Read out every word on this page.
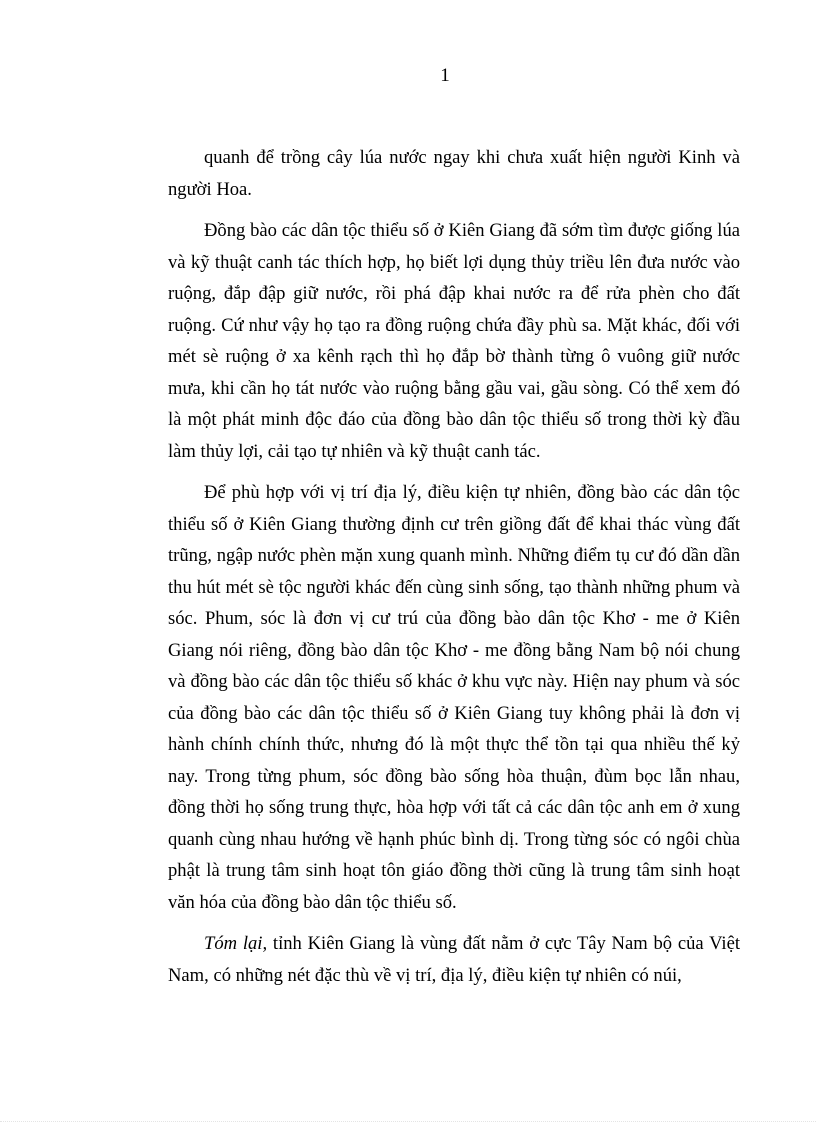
1

quanh để trồng cây lúa nước ngay khi chưa xuất hiện người Kinh và người Hoa.

Đồng bào các dân tộc thiểu số ở Kiên Giang đã sớm tìm được giống lúa và kỹ thuật canh tác thích hợp, họ biết lợi dụng thủy triều lên đưa nước vào ruộng, đắp đập giữ nước, rồi phá đập khai nước ra để rửa phèn cho đất ruộng. Cứ như vậy họ tạo ra đồng ruộng chứa đầy phù sa. Mặt khác, đối với mét sè ruộng ở xa kênh rạch thì họ đắp bờ thành từng ô vuông giữ nước mưa, khi cần họ tát nước vào ruộng bằng gầu vai, gầu sòng. Có thể xem đó là một phát minh độc đáo của đồng bào dân tộc thiểu số trong thời kỳ đầu làm thủy lợi, cải tạo tự nhiên và kỹ thuật canh tác.

Để phù hợp với vị trí địa lý, điều kiện tự nhiên, đồng bào các dân tộc thiểu số ở Kiên Giang thường định cư trên giồng đất để khai thác vùng đất trũng, ngập nước phèn mặn xung quanh mình. Những điểm tụ cư đó dần dần thu hút mét sè tộc người khác đến cùng sinh sống, tạo thành những phum và sóc. Phum, sóc là đơn vị cư trú của đồng bào dân tộc Khơ - me ở Kiên Giang nói riêng, đồng bào dân tộc Khơ - me đồng bằng Nam bộ nói chung và đồng bào các dân tộc thiểu số khác ở khu vực này. Hiện nay phum và sóc của đồng bào các dân tộc thiểu số ở Kiên Giang tuy không phải là đơn vị hành chính chính thức, nhưng đó là một thực thể tồn tại qua nhiều thế kỷ nay. Trong từng phum, sóc đồng bào sống hòa thuận, đùm bọc lẫn nhau, đồng thời họ sống trung thực, hòa hợp với tất cả các dân tộc anh em ở xung quanh cùng nhau hướng về hạnh phúc bình dị. Trong từng sóc có ngôi chùa phật là trung tâm sinh hoạt tôn giáo đồng thời cũng là trung tâm sinh hoạt văn hóa của đồng bào dân tộc thiểu số.

Tóm lại, tỉnh Kiên Giang là vùng đất nằm ở cực Tây Nam bộ của Việt Nam, có những nét đặc thù về vị trí, địa lý, điều kiện tự nhiên có núi,
